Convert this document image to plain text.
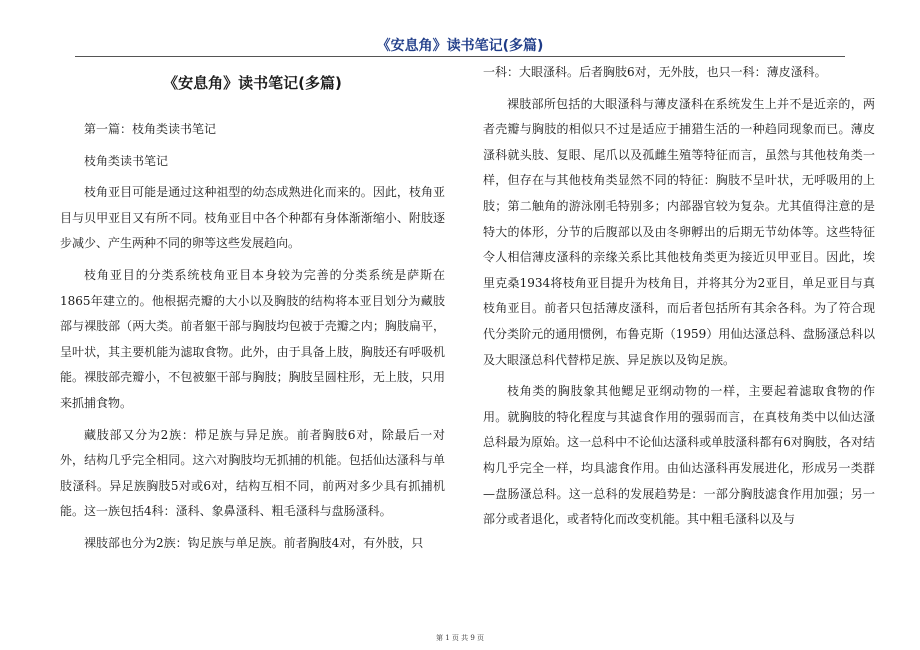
《安息角》读书笔记(多篇)
《安息角》读书笔记(多篇)

第一篇：枝角类读书笔记

枝角类读书笔记

枝角亚目可能是通过这种祖型的幼态成熟进化而来的。因此，枝角亚目与贝甲亚目又有所不同。枝角亚目中各个种都有身体渐渐缩小、附肢逐步减少、产生两种不同的卵等这些发展趋向。

枝角亚目的分类系统枝角亚目本身较为完善的分类系统是萨斯在1865年建立的。他根据壳瓣的大小以及胸肢的结构将本亚目划分为藏肢部与裸肢部（两大类。前者躯干部与胸肢均包被于壳瓣之内；胸肢扁平，呈叶状，其主要机能为滤取食物。此外，由于具备上肢，胸肢还有呼吸机能。裸肢部壳瓣小，不包被躯干部与胸肢；胸肢呈圆柱形，无上肢，只用来抓捕食物。

藏肢部又分为2族：栉足族与异足族。前者胸肢6对，除最后一对外，结构几乎完全相同。这六对胸肢均无抓捕的机能。包括仙达溞科与单肢溞科。异足族胸肢5对或6对，结构互相不同，前两对多少具有抓捕机能。这一族包括4科：溞科、象鼻溞科、粗毛溞科与盘肠溞科。

裸肢部也分为2族：钩足族与单足族。前者胸肢4对，有外肢，只

一科：大眼溞科。后者胸肢6对，无外肢，也只一科：薄皮溞科。

裸肢部所包括的大眼溞科与薄皮溞科在系统发生上并不是近亲的，两者壳瓣与胸肢的相似只不过是适应于捕猎生活的一种趋同现象而已。薄皮溞科就头肢、复眼、尾爪以及孤雌生殖等特征而言，虽然与其他枝角类一样，但存在与其他枝角类显然不同的特征：胸肢不呈叶状，无呼吸用的上肢；第二触角的游泳刚毛特别多；内部器官较为复杂。尤其值得注意的是特大的体形，分节的后腹部以及由冬卵孵出的后期无节幼体等。这些特征令人相信薄皮溞科的亲缘关系比其他枝角类更为接近贝甲亚目。因此，埃里克桑1934将枝角亚目提升为枝角目，并将其分为2亚目，单足亚目与真枝角亚目。前者只包括薄皮溞科，而后者包括所有其余各科。为了符合现代分类阶元的通用惯例，布鲁克斯（1959）用仙达溞总科、盘肠溞总科以及大眼溞总科代替栉足族、异足族以及钩足族。

枝角类的胸肢象其他鳃足亚纲动物的一样，主要起着滤取食物的作用。就胸肢的特化程度与其滤食作用的强弱而言，在真枝角类中以仙达溞总科最为原始。这一总科中不论仙达溞科或单肢溞科都有6对胸肢，各对结构几乎完全一样，均具滤食作用。由仙达溞科再发展进化，形成另一类群—盘肠溞总科。这一总科的发展趋势是：一部分胸肢滤食作用加强；另一部分或者退化，或者特化而改变机能。其中粗毛溞科以及与

第 1 页 共 9 页
